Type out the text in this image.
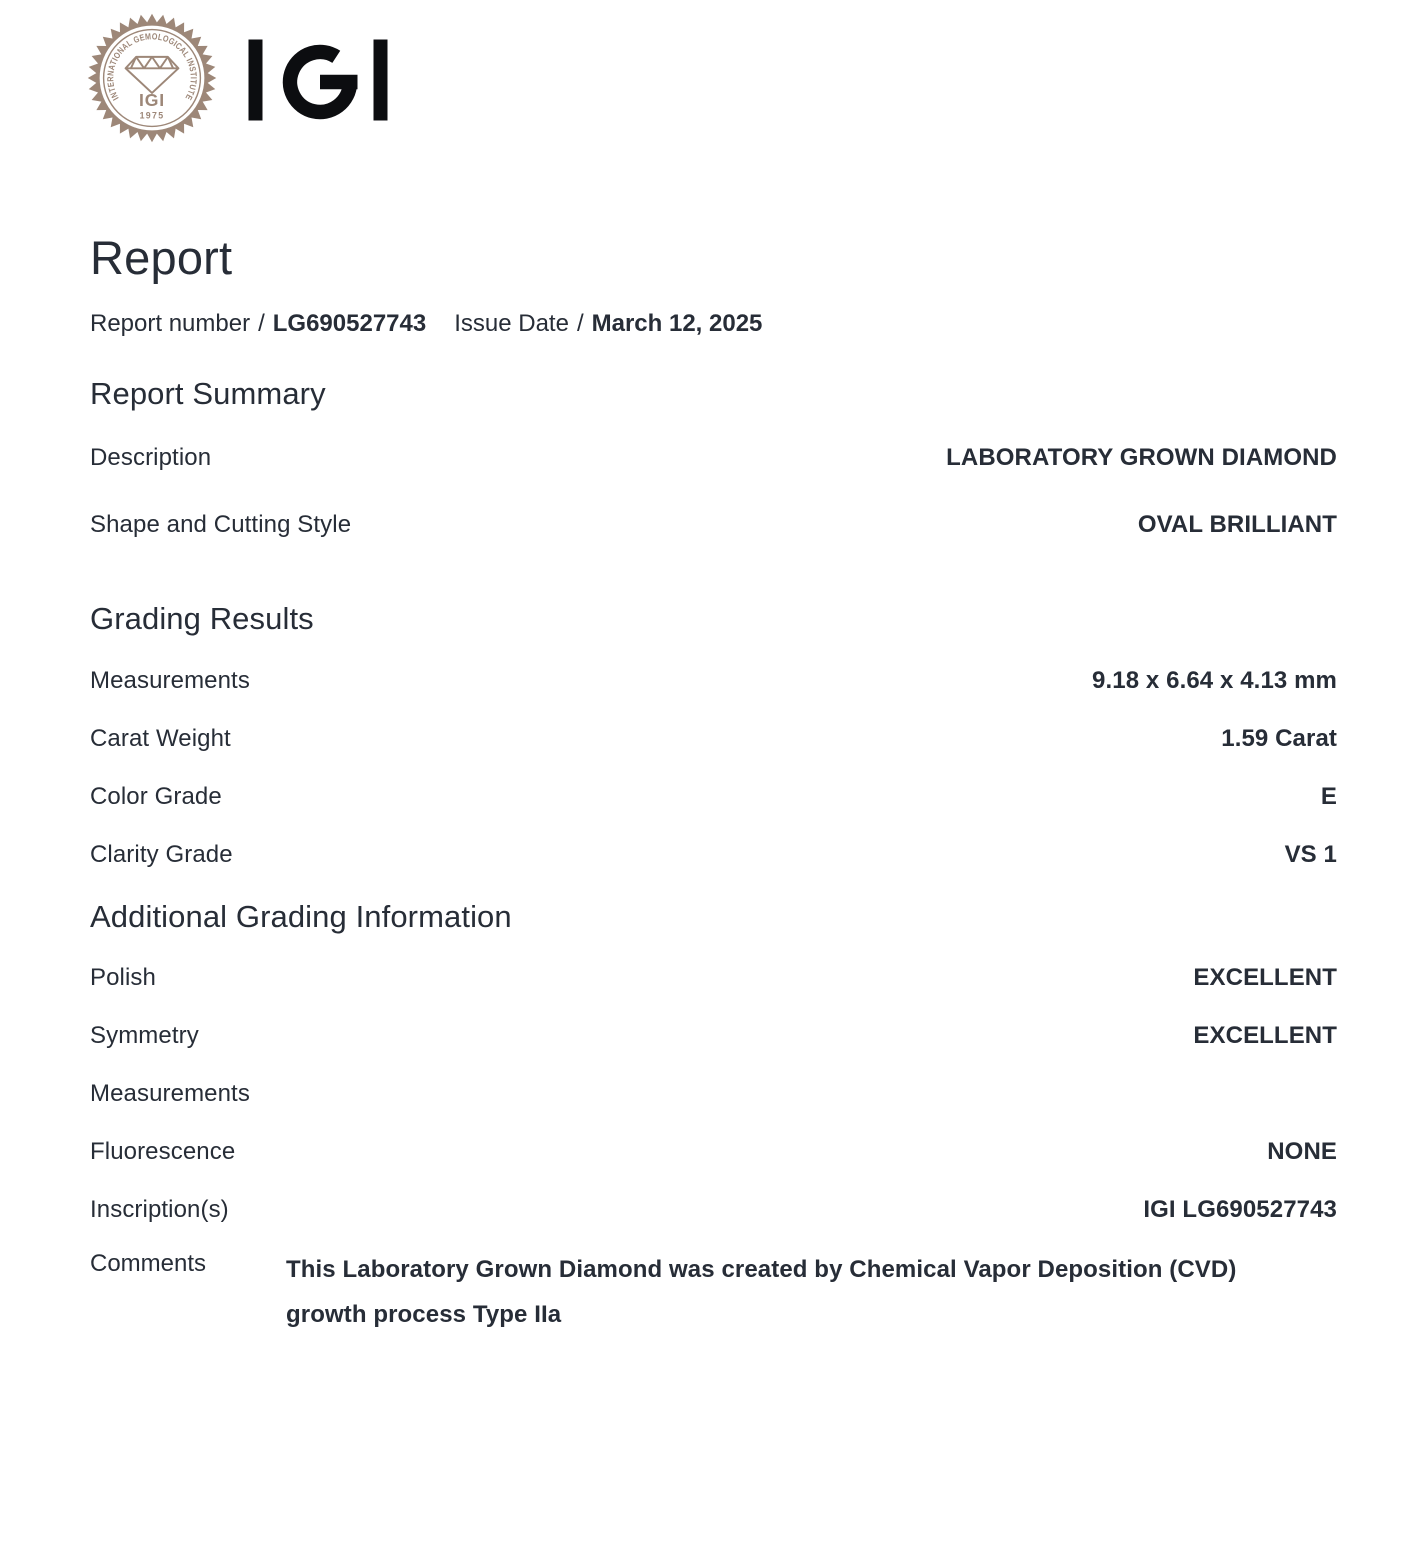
INTERNATIONAL GEMOLOGICAL INSTITUTE
IGI
1975
Report
Report number / LG690527743 Issue Date / March 12, 2025
Report Summary
Description	LABORATORY GROWN DIAMOND
Shape and Cutting Style	OVAL BRILLIANT
Grading Results
Measurements	9.18 x 6.64 x 4.13 mm
Carat Weight	1.59 Carat
Color Grade	E
Clarity Grade	VS 1
Additional Grading Information
Polish	EXCELLENT
Symmetry	EXCELLENT
Measurements
Fluorescence	NONE
Inscription(s)	IGI LG690527743
Comments	This Laboratory Grown Diamond was created by Chemical Vapor Deposition (CVD) growth process Type IIa
